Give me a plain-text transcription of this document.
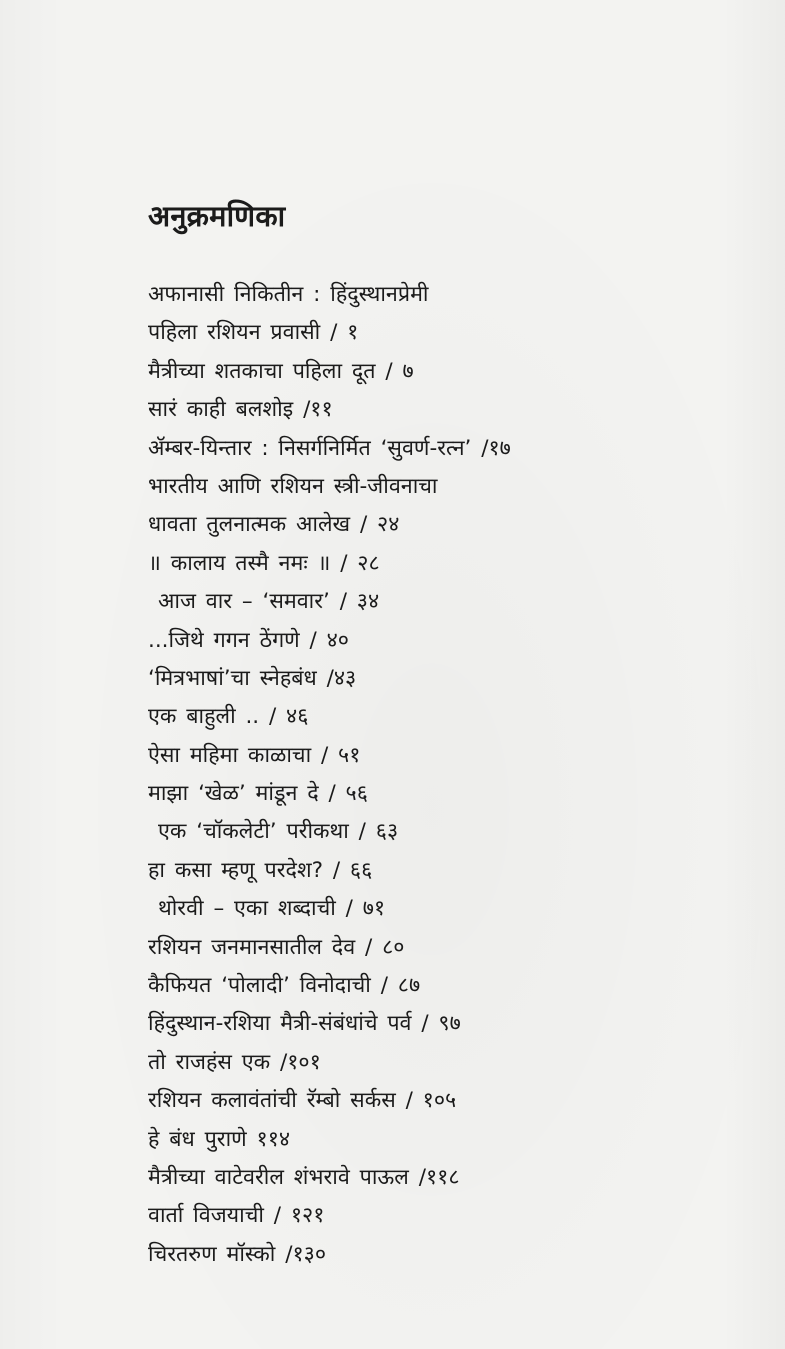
अनुक्रमणिका
अफानासी निकितीन : हिंदुस्थानप्रेमी
पहिला रशियन प्रवासी / १
मैत्रीच्या शतकाचा पहिला दूत / ७
सारं काही बलशोइ /११
ॲम्बर-यिन्तार : निसर्गनिर्मित ‘सुवर्ण-रत्न’ /१७
भारतीय आणि रशियन स्त्री-जीवनाचा
धावता तुलनात्मक आलेख / २४
॥ कालाय तस्मै नमः ॥ / २८
आज वार – ‘समवार’ / ३४
...जिथे गगन ठेंगणे / ४०
‘मित्रभाषां’चा स्नेहबंध /४३
एक बाहुली .. / ४६
ऐसा महिमा काळाचा / ५१
माझा ‘खेळ’ मांडून दे / ५६
एक ‘चॉकलेटी’ परीकथा / ६३
हा कसा म्हणू परदेश? / ६६
थोरवी – एका शब्दाची / ७१
रशियन जनमानसातील देव / ८०
कैफियत ‘पोलादी’ विनोदाची / ८७
हिंदुस्थान-रशिया मैत्री-संबंधांचे पर्व / ९७
तो राजहंस एक /१०१
रशियन कलावंतांची रॅम्बो सर्कस / १०५
हे बंध पुराणे ११४
मैत्रीच्या वाटेवरील शंभरावे पाऊल /११८
वार्ता विजयाची / १२१
चिरतरुण मॉस्को /१३०
